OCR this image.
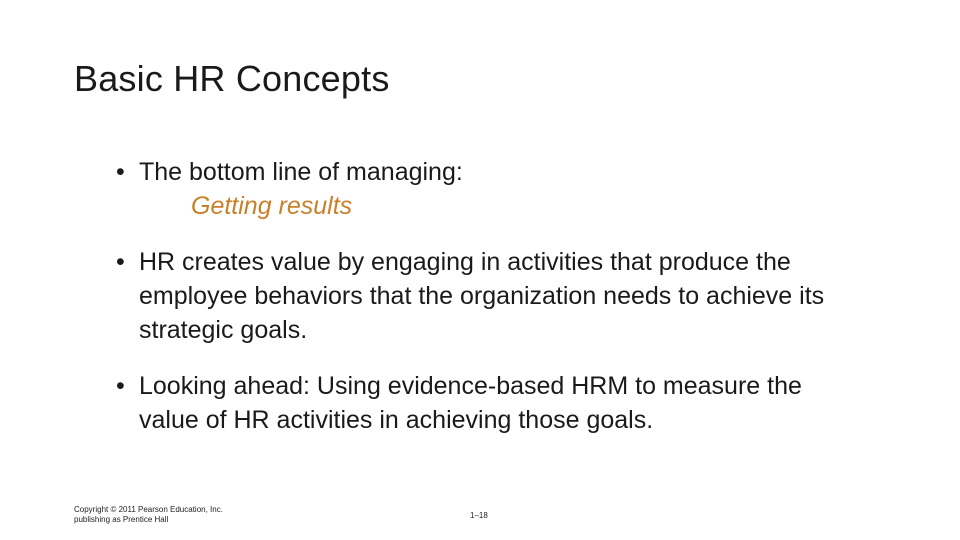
Basic HR Concepts
• The bottom line of managing:
Getting results
• HR creates value by engaging in activities that produce the employee behaviors that the organization needs to achieve its strategic goals.
• Looking ahead: Using evidence-based HRM to measure the value of HR activities in achieving those goals.
Copyright © 2011 Pearson Education, Inc.
publishing as Prentice Hall	1–18
